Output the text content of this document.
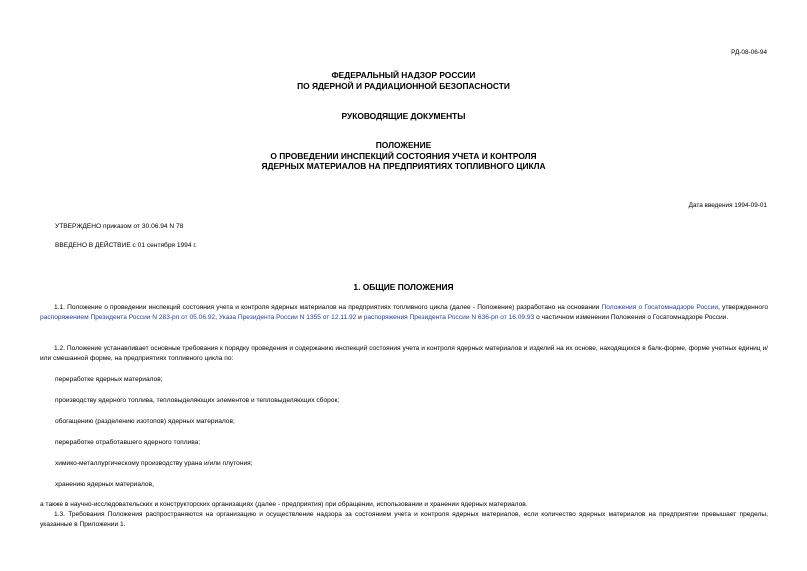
РД-08-06-94
ФЕДЕРАЛЬНЫЙ НАДЗОР РОССИИ
ПО ЯДЕРНОЙ И РАДИАЦИОННОЙ БЕЗОПАСНОСТИ
РУКОВОДЯЩИЕ ДОКУМЕНТЫ
ПОЛОЖЕНИЕ
О ПРОВЕДЕНИИ ИНСПЕКЦИЙ СОСТОЯНИЯ УЧЕТА И КОНТРОЛЯ
ЯДЕРНЫХ МАТЕРИАЛОВ НА ПРЕДПРИЯТИЯХ ТОПЛИВНОГО ЦИКЛА
Дата введения 1994-09-01
УТВЕРЖДЕНО приказом от 30.06.94 N 78
ВВЕДЕНО В ДЕЙСТВИЕ с 01 сентября 1994 г.
1. ОБЩИЕ ПОЛОЖЕНИЯ
1.1. Положение о проведении инспекций состояния учета и контроля ядерных материалов на предприятиях топливного цикла (далее - Положение) разработано на основании Положения о Госатомнадзоре России, утвержденного распоряжением Президента России N 283-рп от 05.06.92, Указа Президента России N 1355 от 12.11.92 и распоряжения Президента России N 636-рп от 16.09.93 о частичном изменении Положения о Госатомнадзоре России.
1.2. Положение устанавливает основные требования к порядку проведения и содержанию инспекций состояния учета и контроля ядерных материалов и изделий на их основе, находящихся в балк-форме, форме учетных единиц и/или смешанной форме, на предприятиях топливного цикла по:
переработке ядерных материалов;
производству ядерного топлива, тепловыделяющих элементов и тепловыделяющих сборок;
обогащению (разделению изотопов) ядерных материалов;
переработке отработавшего ядерного топлива;
химико-металлургическому производству урана и/или плутония;
хранению ядерных материалов,
а также в научно-исследовательских и конструкторских организациях (далее - предприятия) при обращении, использовании и хранении ядерных материалов.
1.3. Требования Положения распространяются на организацию и осуществление надзора за состоянием учета и контроля ядерных материалов, если количество ядерных материалов на предприятии превышает пределы, указанные в Приложении 1.
